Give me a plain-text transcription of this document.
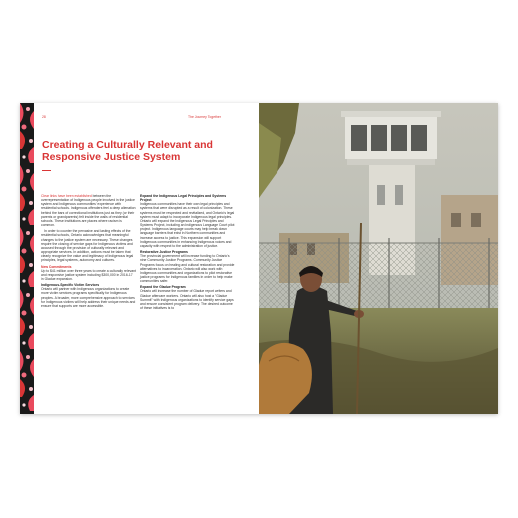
28	The Journey Together
Creating a Culturally Relevant and Responsive Justice System

Clear links have been established between the overrepresentation of Indigenous people involved in the justice system and Indigenous communities' experience with residential schools. Indigenous offenders feel a deep alienation behind the bars of correctional institutions just as they (or their parents or grandparents) felt inside the walls of residential schools. These institutions are places where racism is common.

In order to counter the pervasive and lasting effects of the residential schools, Ontario acknowledges that meaningful changes to the justice system are necessary. These changes require the closing of service gaps for Indigenous victims and accused through the provision of culturally relevant and appropriate services. In addition, actions must be taken that clearly recognize the value and legitimacy of Indigenous legal principles, legal systems, autonomy and cultures.

New Commitments

Up to $41 million over three years to create a culturally relevant and responsive justice system including $300,000 in 2016-17 in Gladue expansion.

Indigenous-Specific Victim Services

Ontario will partner with Indigenous organizations to create more victim services programs specifically for Indigenous peoples. A broader, more comprehensive approach to services for Indigenous victims will help address their unique needs and ensure that supports are more accessible.

Expand the Indigenous Legal Principles and Systems Project

Indigenous communities have their own legal principles and systems that were disrupted as a result of colonization. These systems must be respected and revitalized, and Ontario's legal system must adapt to incorporate Indigenous legal principles. Ontario will expand the Indigenous Legal Principles and Systems Project, including an Indigenous Language Court pilot project. Indigenous language courts may help break down language barriers that exist in Northern communities and increase access to justice. This expansion will support Indigenous communities in enhancing Indigenous voices and capacity with respect to the administration of justice.

Restorative Justice Programs

The provincial government will increase funding to Ontario's nine Community Justice Programs. Community Justice Programs focus on healing and cultural restoration and provide alternatives to incarceration. Ontario will also work with Indigenous communities and organizations to pilot restorative justice programs for Indigenous families in order to help make communities safer.

Expand the Gladue Program

Ontario will increase the number of Gladue report writers and Gladue aftercare workers. Ontario will also host a "Gladue Summit" with Indigenous organizations to identify service gaps and ensure consistent program delivery. The desired outcome of these initiatives is to
